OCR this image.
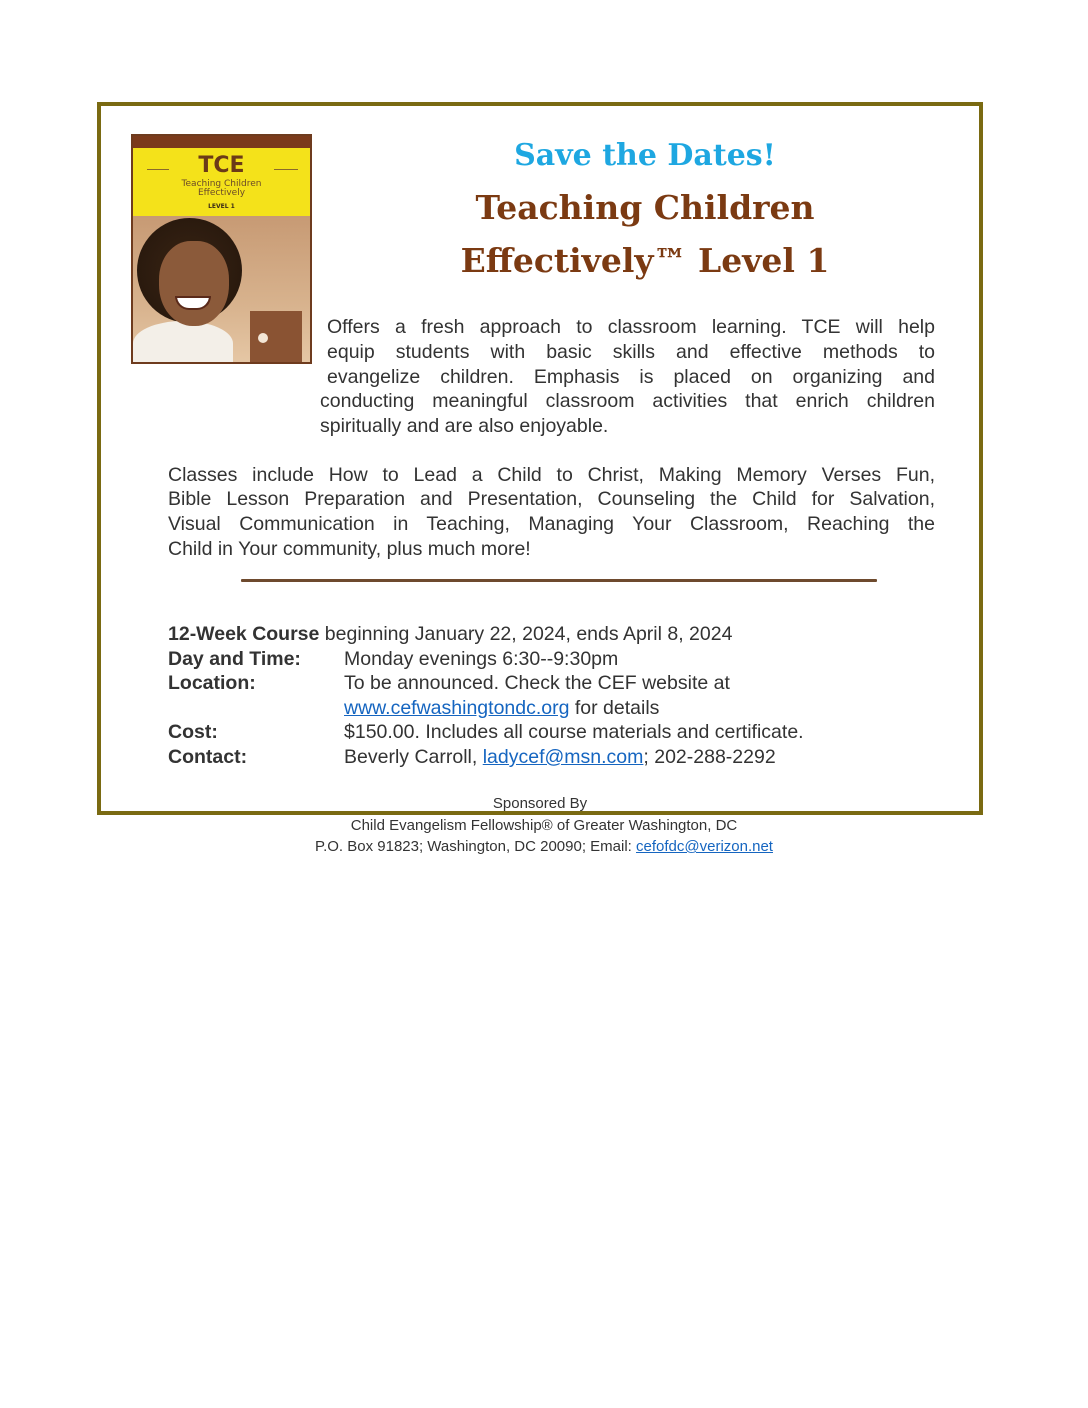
TCE
Teaching Children
Effectively
LEVEL 1
Save the Dates!
Teaching Children
Effectively™ Level 1
Offers a fresh approach to classroom learning. TCE will help
equip students with basic skills and effective methods to
evangelize children. Emphasis is placed on organizing and
conducting meaningful classroom activities that enrich children
spiritually and are also enjoyable.
Classes include How to Lead a Child to Christ, Making Memory Verses Fun,
Bible Lesson Preparation and Presentation, Counseling the Child for Salvation,
Visual Communication in Teaching, Managing Your Classroom, Reaching the
Child in Your community, plus much more!
12-Week Course beginning January 22, 2024, ends April 8, 2024
Day and Time: Monday evenings 6:30--9:30pm
Location:	To be announced. Check the CEF website at
www.cefwashingtondc.org for details
Cost:	$150.00. Includes all course materials and certificate.
Contact:	Beverly Carroll, ladycef@msn.com; 202-288-2292
Sponsored By
Child Evangelism Fellowship® of Greater Washington, DC
P.O. Box 91823; Washington, DC 20090; Email: cefofdc@verizon.net
